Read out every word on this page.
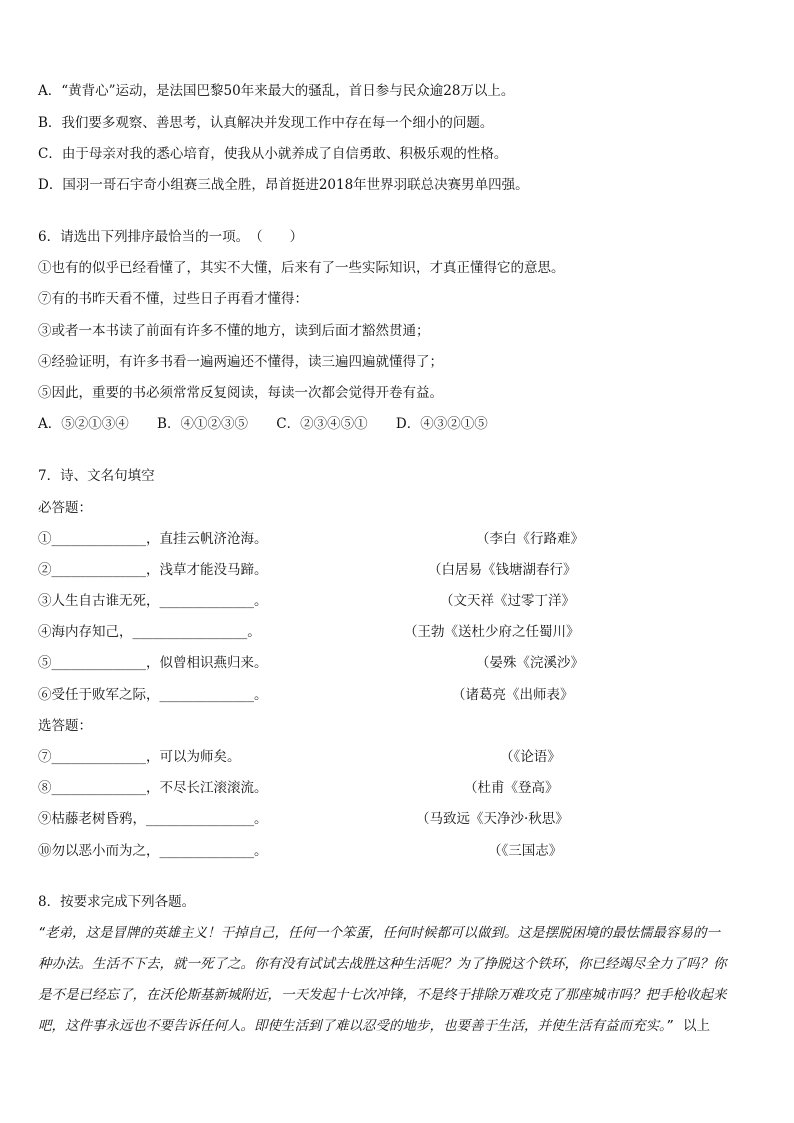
A．“黄背心”运动，是法国巴黎50年来最大的骚乱，首日参与民众逾28万以上。
B．我们要多观察、善思考，认真解决并发现工作中存在每一个细小的问题。
C．由于母亲对我的悉心培育，使我从小就养成了自信勇敢、积极乐观的性格。
D．国羽一哥石宇奇小组赛三战全胜，昂首挺进2018年世界羽联总决赛男单四强。
6．请选出下列排序最恰当的一项。　（　　）
①也有的似乎已经看懂了，其实不大懂，后来有了一些实际知识，才真正懂得它的意思。
⑦有的书昨天看不懂，过些日子再看才懂得：
③或者一本书读了前面有许多不懂的地方，读到后面才豁然贯通；
④经验证明，有许多书看一遍两遍还不懂得，读三遍四遍就懂得了；
⑤因此，重要的书必须常常反复阅读，每读一次都会觉得开卷有益。
A．⑤②①③④ B．④①②③⑤ C．②③④⑤① D．④③②①⑤
7．诗、文名句填空
必答题：
①______________，直挂云帆济沧海。	（李白《行路难》
②______________，浅草才能没马蹄。	（白居易《钱塘湖春行》
③人生自古谁无死，______________。	（文天祥《过零丁洋》
④海内存知己，_________________。	（王勃《送杜少府之任蜀川》
⑤______________，似曾相识燕归来。	（晏殊《浣溪沙》
⑥受任于败军之际，______________。	（诸葛亮《出师表》
选答题：
⑦______________，可以为师矣。	（《论语》
⑧______________，不尽长江滚滚流。	（杜甫《登高》
⑨枯藤老树昏鸦，________________。	（马致远《天净沙·秋思》
⑩勿以恶小而为之，______________。	（《三国志》
8．按要求完成下列各题。
“老弟，这是冒牌的英雄主义！干掉自己，任何一个笨蛋，任何时候都可以做到。这是摆脱困境的最怯懦最容易的一
种办法。生活不下去，就一死了之。你有没有试试去战胜这种生活呢？为了挣脱这个铁环，你已经竭尽全力了吗？你
是不是已经忘了，在沃伦斯基新城附近，一天发起十七次冲锋，不是终于排除万难攻克了那座城市吗？把手枪收起来
吧，这件事永远也不要告诉任何人。即使生活到了难以忍受的地步，也要善于生活，并使生活有益而充实。” 以上
